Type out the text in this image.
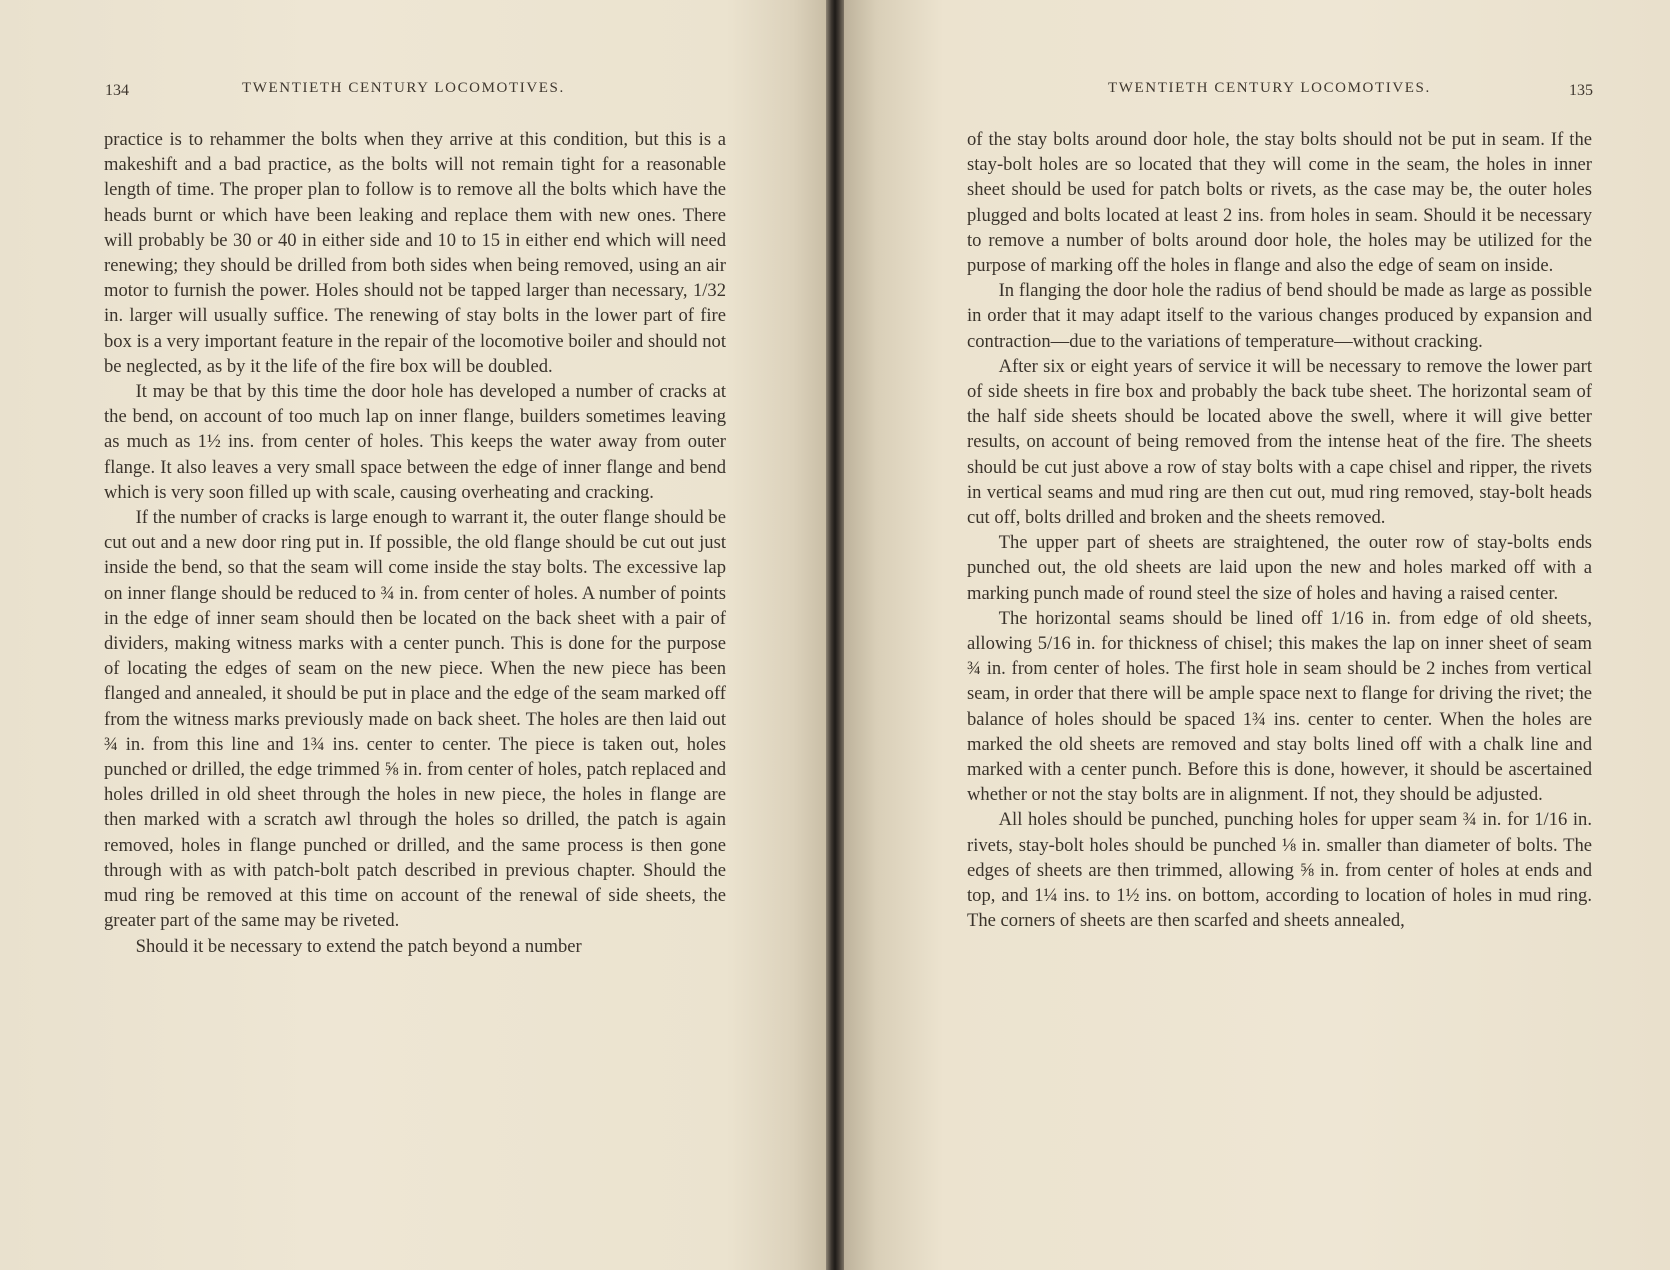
134	TWENTIETH CENTURY LOCOMOTIVES.

practice is to rehammer the bolts when they arrive at this condition, but this is a makeshift and a bad practice, as the bolts will not remain tight for a reasonable length of time. The proper plan to follow is to remove all the bolts which have the heads burnt or which have been leaking and replace them with new ones. There will probably be 30 or 40 in either side and 10 to 15 in either end which will need renewing; they should be drilled from both sides when being removed, using an air motor to furnish the power. Holes should not be tapped larger than necessary, 1/32 in. larger will usually suffice. The renewing of stay bolts in the lower part of fire box is a very important feature in the repair of the locomotive boiler and should not be neglected, as by it the life of the fire box will be doubled.

It may be that by this time the door hole has developed a number of cracks at the bend, on account of too much lap on inner flange, builders sometimes leaving as much as 1½ ins. from center of holes. This keeps the water away from outer flange. It also leaves a very small space between the edge of inner flange and bend which is very soon filled up with scale, causing overheating and cracking.

If the number of cracks is large enough to warrant it, the outer flange should be cut out and a new door ring put in. If possible, the old flange should be cut out just inside the bend, so that the seam will come inside the stay bolts. The excessive lap on inner flange should be reduced to ¾ in. from center of holes. A number of points in the edge of inner seam should then be located on the back sheet with a pair of dividers, making witness marks with a center punch. This is done for the purpose of locating the edges of seam on the new piece. When the new piece has been flanged and annealed, it should be put in place and the edge of the seam marked off from the witness marks previously made on back sheet. The holes are then laid out ¾ in. from this line and 1¾ ins. center to center. The piece is taken out, holes punched or drilled, the edge trimmed ⅝ in. from center of holes, patch replaced and holes drilled in old sheet through the holes in new piece, the holes in flange are then marked with a scratch awl through the holes so drilled, the patch is again removed, holes in flange punched or drilled, and the same process is then gone through with as with patch-bolt patch described in previous chapter. Should the mud ring be removed at this time on account of the renewal of side sheets, the greater part of the same may be riveted.

Should it be necessary to extend the patch beyond a number

TWENTIETH CENTURY LOCOMOTIVES.	135

of the stay bolts around door hole, the stay bolts should not be put in seam. If the stay-bolt holes are so located that they will come in the seam, the holes in inner sheet should be used for patch bolts or rivets, as the case may be, the outer holes plugged and bolts located at least 2 ins. from holes in seam. Should it be necessary to remove a number of bolts around door hole, the holes may be utilized for the purpose of marking off the holes in flange and also the edge of seam on inside.

In flanging the door hole the radius of bend should be made as large as possible in order that it may adapt itself to the various changes produced by expansion and contraction—due to the variations of temperature—without cracking.

After six or eight years of service it will be necessary to remove the lower part of side sheets in fire box and probably the back tube sheet. The horizontal seam of the half side sheets should be located above the swell, where it will give better results, on account of being removed from the intense heat of the fire. The sheets should be cut just above a row of stay bolts with a cape chisel and ripper, the rivets in vertical seams and mud ring are then cut out, mud ring removed, stay-bolt heads cut off, bolts drilled and broken and the sheets removed.

The upper part of sheets are straightened, the outer row of stay-bolts ends punched out, the old sheets are laid upon the new and holes marked off with a marking punch made of round steel the size of holes and having a raised center.

The horizontal seams should be lined off 1/16 in. from edge of old sheets, allowing 5/16 in. for thickness of chisel; this makes the lap on inner sheet of seam ¾ in. from center of holes. The first hole in seam should be 2 inches from vertical seam, in order that there will be ample space next to flange for driving the rivet; the balance of holes should be spaced 1¾ ins. center to center. When the holes are marked the old sheets are removed and stay bolts lined off with a chalk line and marked with a center punch. Before this is done, however, it should be ascertained whether or not the stay bolts are in alignment. If not, they should be adjusted.

All holes should be punched, punching holes for upper seam ¾ in. for 1/16 in. rivets, stay-bolt holes should be punched ⅛ in. smaller than diameter of bolts. The edges of sheets are then trimmed, allowing ⅝ in. from center of holes at ends and top, and 1¼ ins. to 1½ ins. on bottom, according to location of holes in mud ring. The corners of sheets are then scarfed and sheets annealed,
